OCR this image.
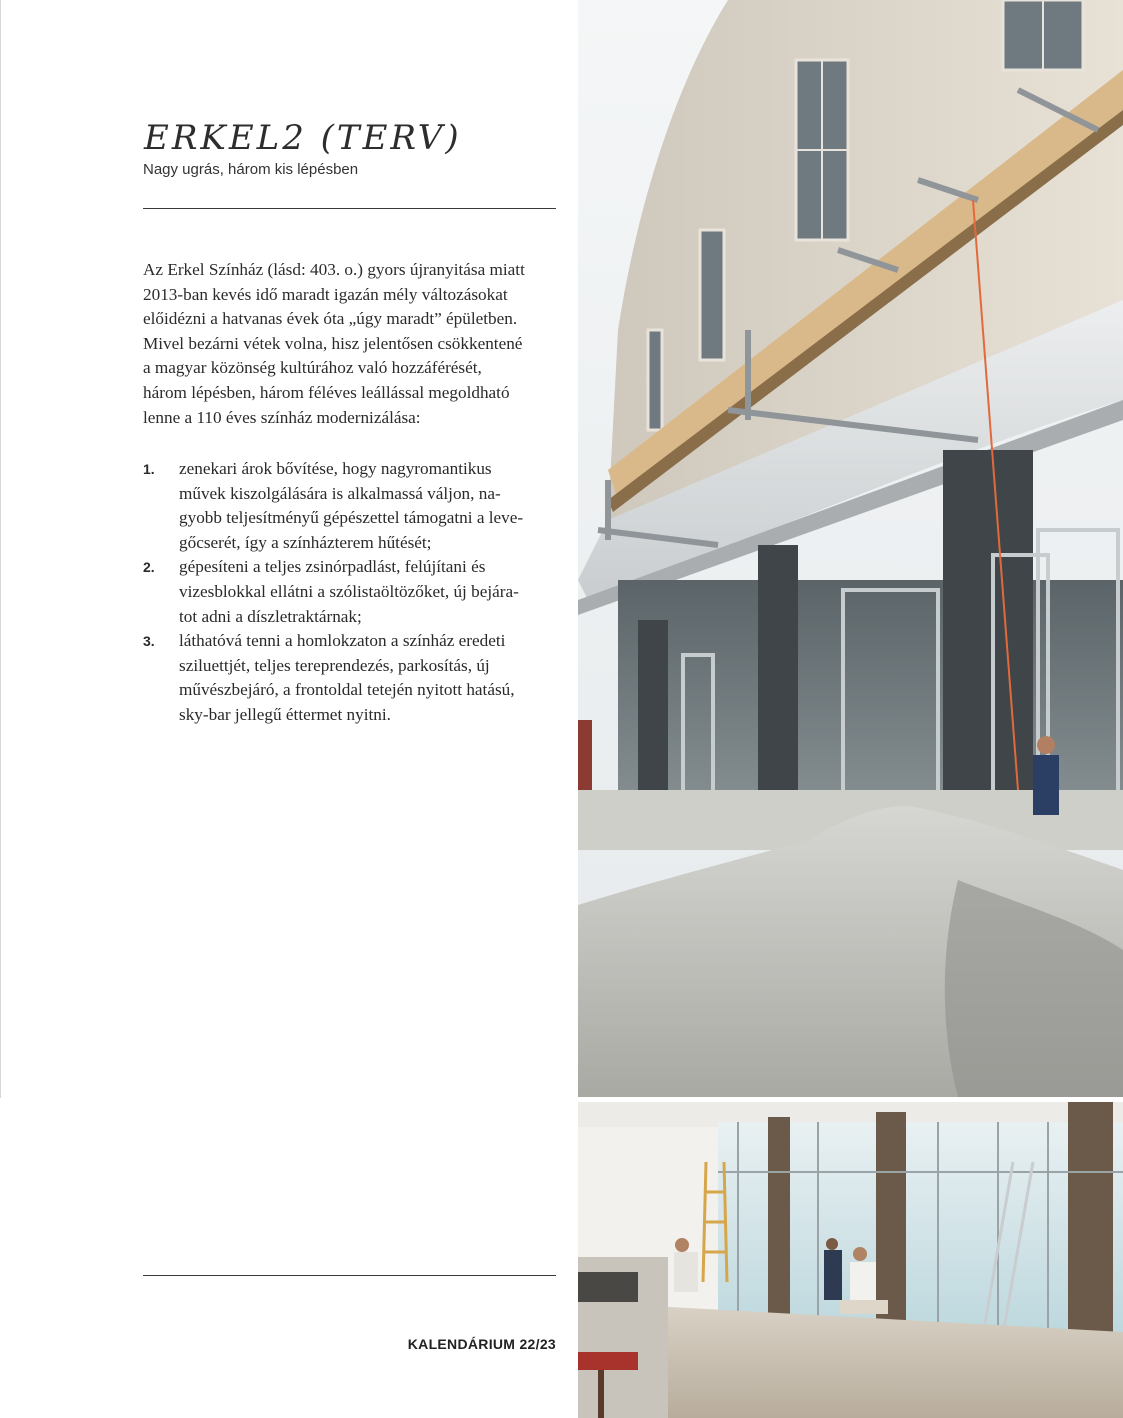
ERKEL2 (TERV)
Nagy ugrás, három kis lépésben

Az Erkel Színház (lásd: 403. o.) gyors újranyitása miatt
2013-ban kevés idő maradt igazán mély változásokat
előidézni a hatvanas évek óta „úgy maradt” épületben.
Mivel bezárni vétek volna, hisz jelentősen csökkentené
a magyar közönség kultúrához való hozzáférését,
három lépésben, három féléves leállással megoldható
lenne a 110 éves színház modernizálása:

1. zenekari árok bővítése, hogy nagyromantikus
művek kiszolgálására is alkalmassá váljon, na-
gyobb teljesítményű gépészettel támogatni a leve-
gőcserét, így a színházterem hűtését;
2. gépesíteni a teljes zsinórpadlást, felújítani és
vizesblokkal ellátni a szólistaöltözőket, új bejára-
tot adni a díszletraktárnak;
3. láthatóvá tenni a homlokzaton a színház eredeti
sziluettjét, teljes tereprendezés, parkosítás, új
művészbejáró, a frontoldal tetején nyitott hatású,
sky-bar jellegű éttermet nyitni.
KALENDÁRIUM 22/23
